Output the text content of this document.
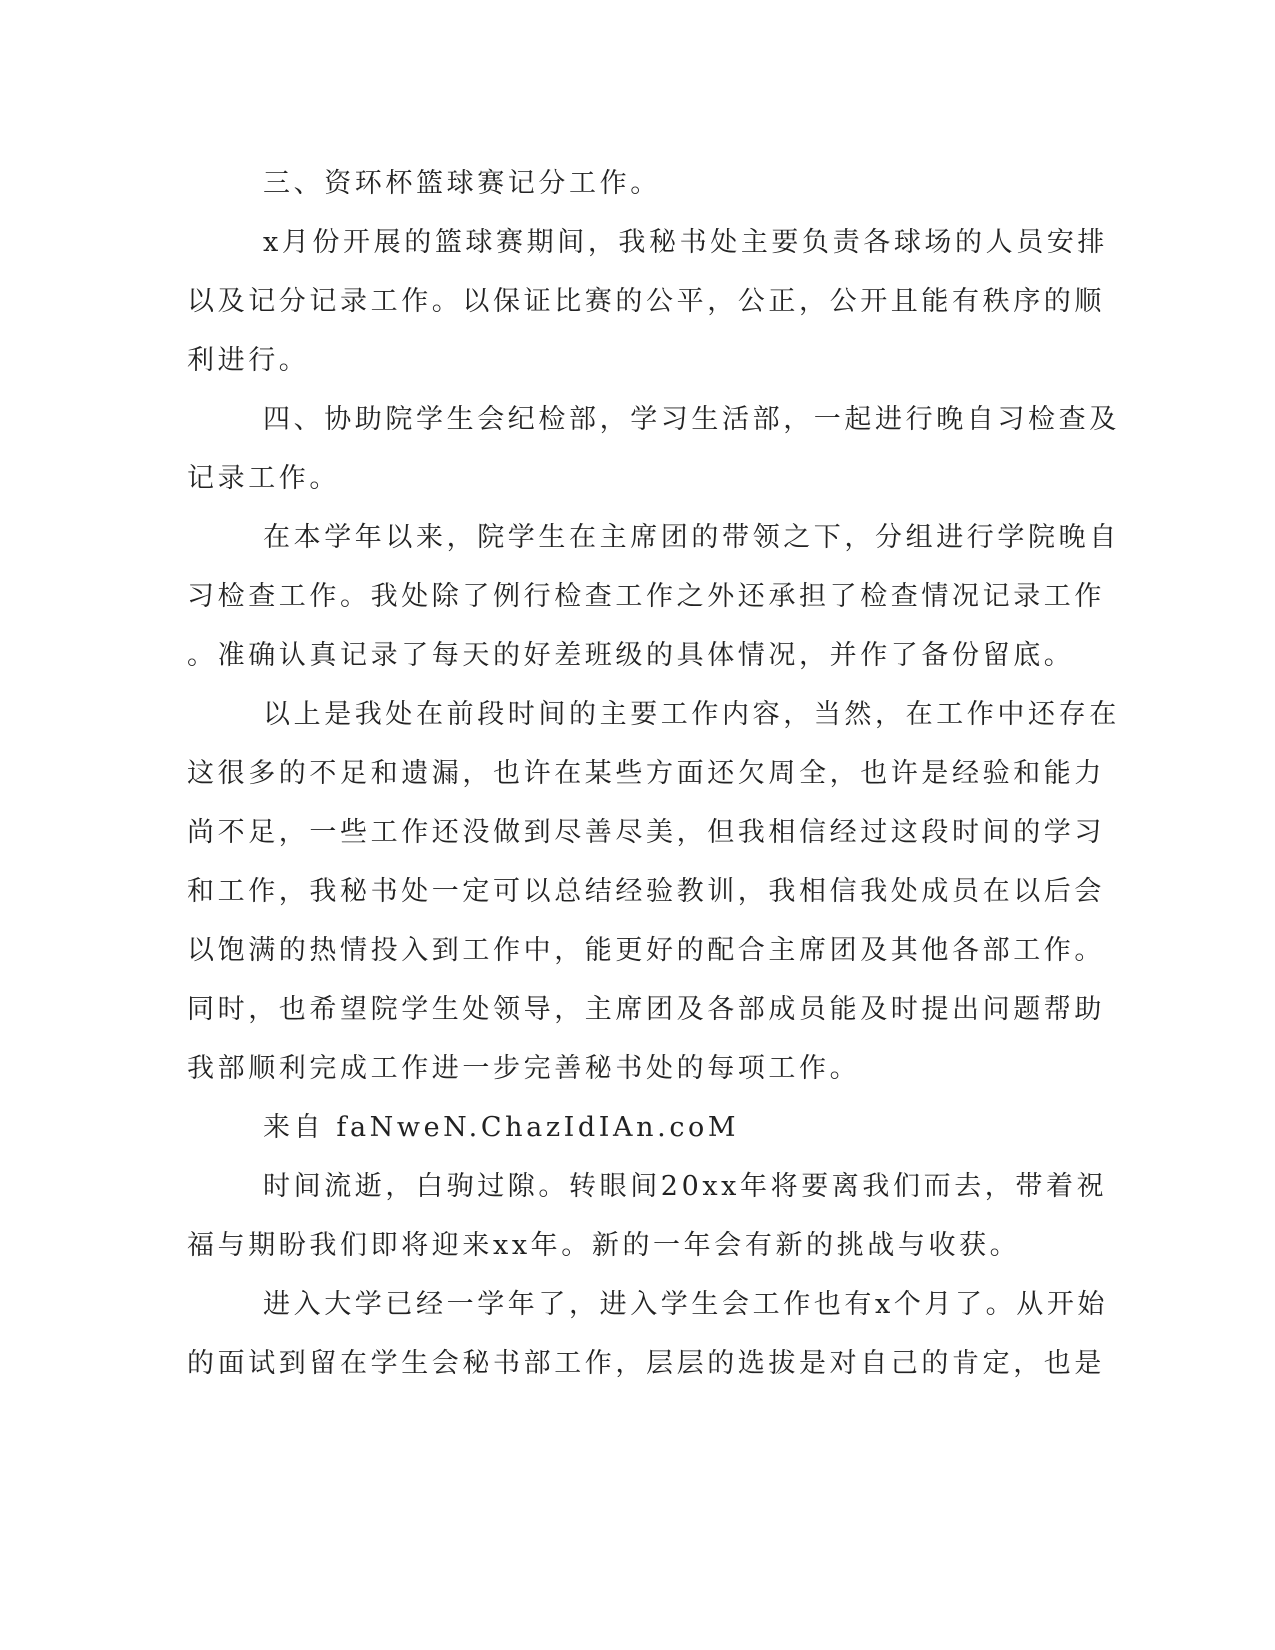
三、资环杯篮球赛记分工作。
x月份开展的篮球赛期间，我秘书处主要负责各球场的人员安排
以及记分记录工作。以保证比赛的公平，公正，公开且能有秩序的顺
利进行。
四、协助院学生会纪检部，学习生活部，一起进行晚自习检查及
记录工作。
在本学年以来，院学生在主席团的带领之下，分组进行学院晚自
习检查工作。我处除了例行检查工作之外还承担了检查情况记录工作
。准确认真记录了每天的好差班级的具体情况，并作了备份留底。
以上是我处在前段时间的主要工作内容，当然，在工作中还存在
这很多的不足和遗漏，也许在某些方面还欠周全，也许是经验和能力
尚不足，一些工作还没做到尽善尽美，但我相信经过这段时间的学习
和工作，我秘书处一定可以总结经验教训，我相信我处成员在以后会
以饱满的热情投入到工作中，能更好的配合主席团及其他各部工作。
同时，也希望院学生处领导，主席团及各部成员能及时提出问题帮助
我部顺利完成工作进一步完善秘书处的每项工作。
来自 faNweN.ChazIdIAn.coM
时间流逝，白驹过隙。转眼间20xx年将要离我们而去，带着祝
福与期盼我们即将迎来xx年。新的一年会有新的挑战与收获。
进入大学已经一学年了，进入学生会工作也有x个月了。从开始
的面试到留在学生会秘书部工作，层层的选拔是对自己的肯定，也是
